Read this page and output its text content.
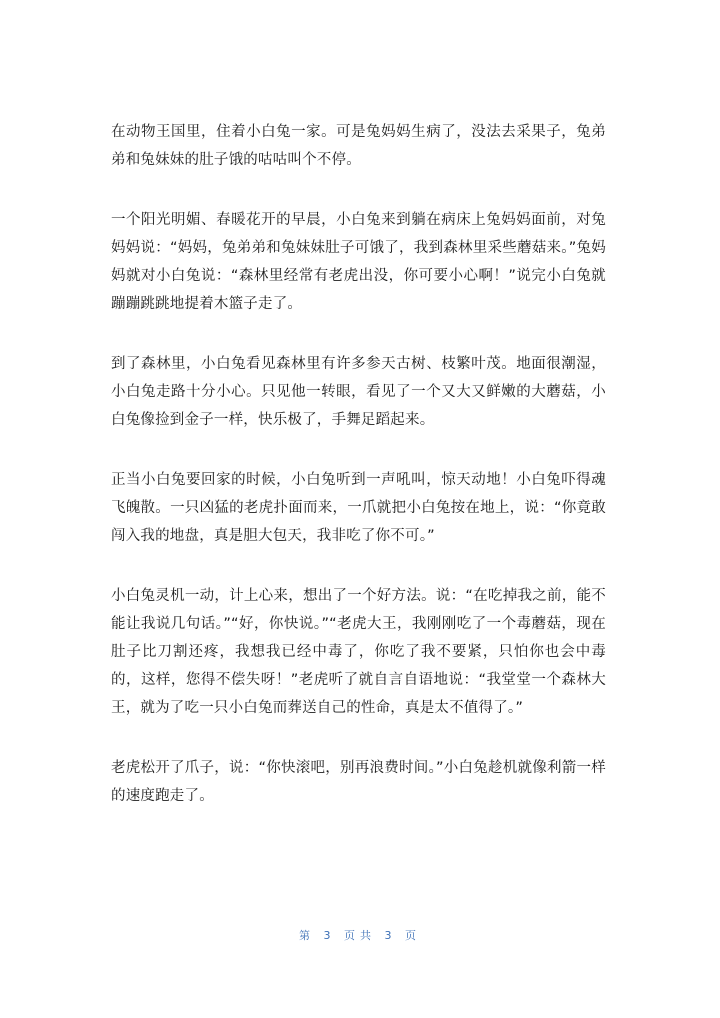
在动物王国里，住着小白兔一家。可是兔妈妈生病了，没法去采果子，兔弟弟和兔妹妹的肚子饿的咕咕叫个不停。

一个阳光明媚、春暖花开的早晨，小白兔来到躺在病床上兔妈妈面前，对兔妈妈说：“妈妈，兔弟弟和兔妹妹肚子可饿了，我到森林里采些蘑菇来。”兔妈妈就对小白兔说：“森林里经常有老虎出没，你可要小心啊！”说完小白兔就蹦蹦跳跳地提着木篮子走了。

到了森林里，小白兔看见森林里有许多参天古树、枝繁叶茂。地面很潮湿，小白兔走路十分小心。只见他一转眼，看见了一个又大又鲜嫩的大蘑菇，小白兔像捡到金子一样，快乐极了，手舞足蹈起来。

正当小白兔要回家的时候，小白兔听到一声吼叫，惊天动地！小白兔吓得魂飞魄散。一只凶猛的老虎扑面而来，一爪就把小白兔按在地上，说：“你竟敢闯入我的地盘，真是胆大包天，我非吃了你不可。”

小白兔灵机一动，计上心来，想出了一个好方法。说：“在吃掉我之前，能不能让我说几句话。”“好，你快说。”“老虎大王，我刚刚吃了一个毒蘑菇，现在肚子比刀割还疼，我想我已经中毒了，你吃了我不要紧，只怕你也会中毒的，这样，您得不偿失呀！”老虎听了就自言自语地说：“我堂堂一个森林大王，就为了吃一只小白兔而葬送自己的性命，真是太不值得了。”

老虎松开了爪子，说：“你快滚吧，别再浪费时间。”小白兔趁机就像利箭一样的速度跑走了。

第 3 页共 3 页
